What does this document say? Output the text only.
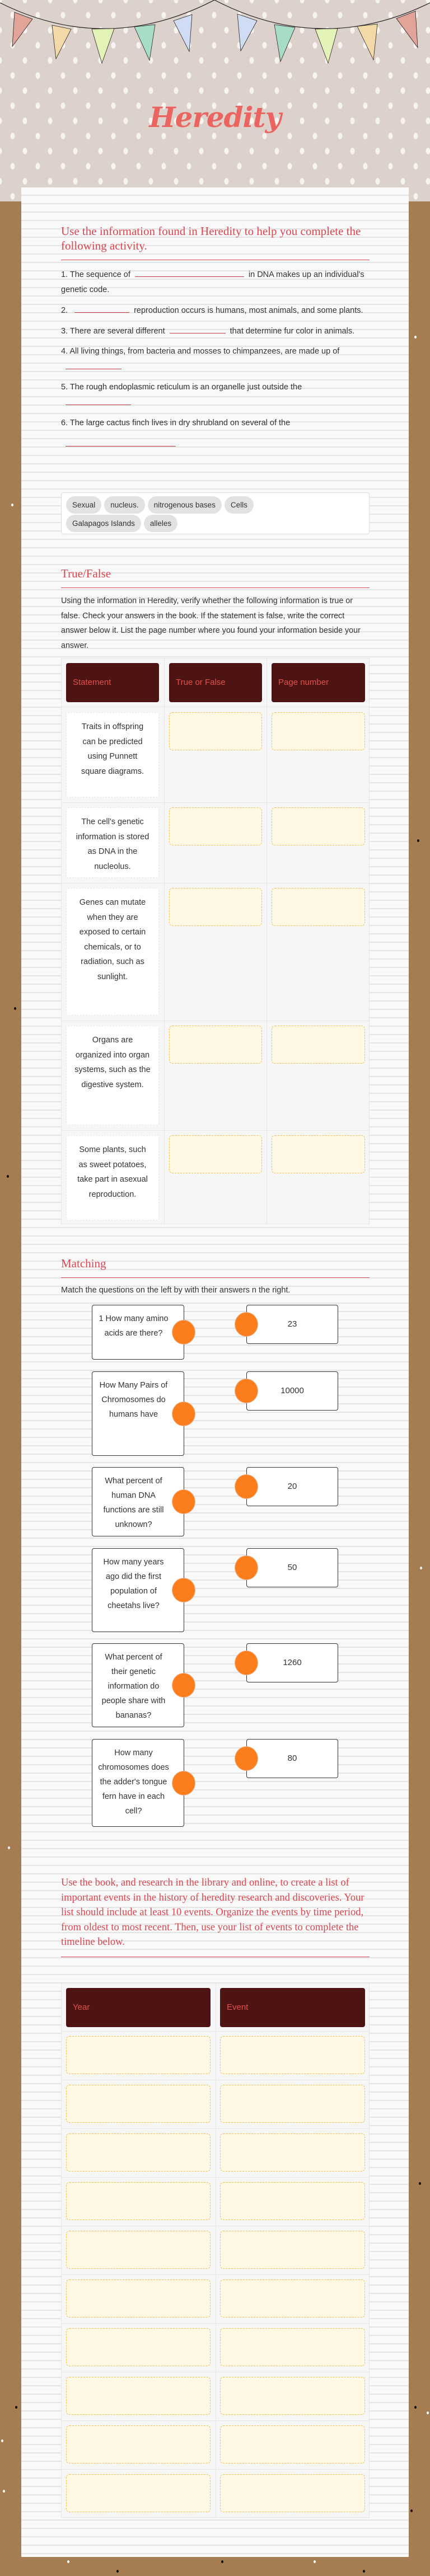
Heredity
Use the information found in Heredity to help you complete the following activity.
1. The sequence of	in DNA makes up an individual's genetic code.
2.	reproduction occurs is humans, most animals, and some plants.
3. There are several different	that determine fur color in animals.
4. All living things, from bacteria and mosses to chimpanzees, are made up of
5. The rough endoplasmic reticulum is an organelle just outside the
6. The large cactus finch lives in dry shrubland on several of the

Sexual nucleus. nitrogenous bases Cells
Galapagos Islands alleles
True/False
Using the information in Heredity, verify whether the following information is true or false. Check your answers in the book. If the statement is false, write the correct answer below it. List the page number where you found your information beside your answer.
Statement	True or False	Page number
Traits in offspring can be predicted using Punnett square diagrams.
The cell's genetic information is stored as DNA in the nucleolus.
Genes can mutate when they are exposed to certain chemicals, or to radiation, such as sunlight.
Organs are organized into organ systems, such as the digestive system.
Some plants, such as sweet potatoes, take part in asexual reproduction.
Matching
Match the questions on the left by with their answers n the right.
1 How many amino acids are there?
23
How Many Pairs of Chromosomes do humans have
10000
What percent of human DNA functions are still unknown?
20
How many years ago did the first population of cheetahs live?
50
What percent of their genetic information do people share with bananas?
1260
How many chromosomes does the adder's tongue fern have in each cell?
80
Use the book, and research in the library and online, to create a list of important events in the history of heredity research and discoveries. Your list should include at least 10 events. Organize the events by time period, from oldest to most recent. Then, use your list of events to complete the timeline below.
Year	Event
